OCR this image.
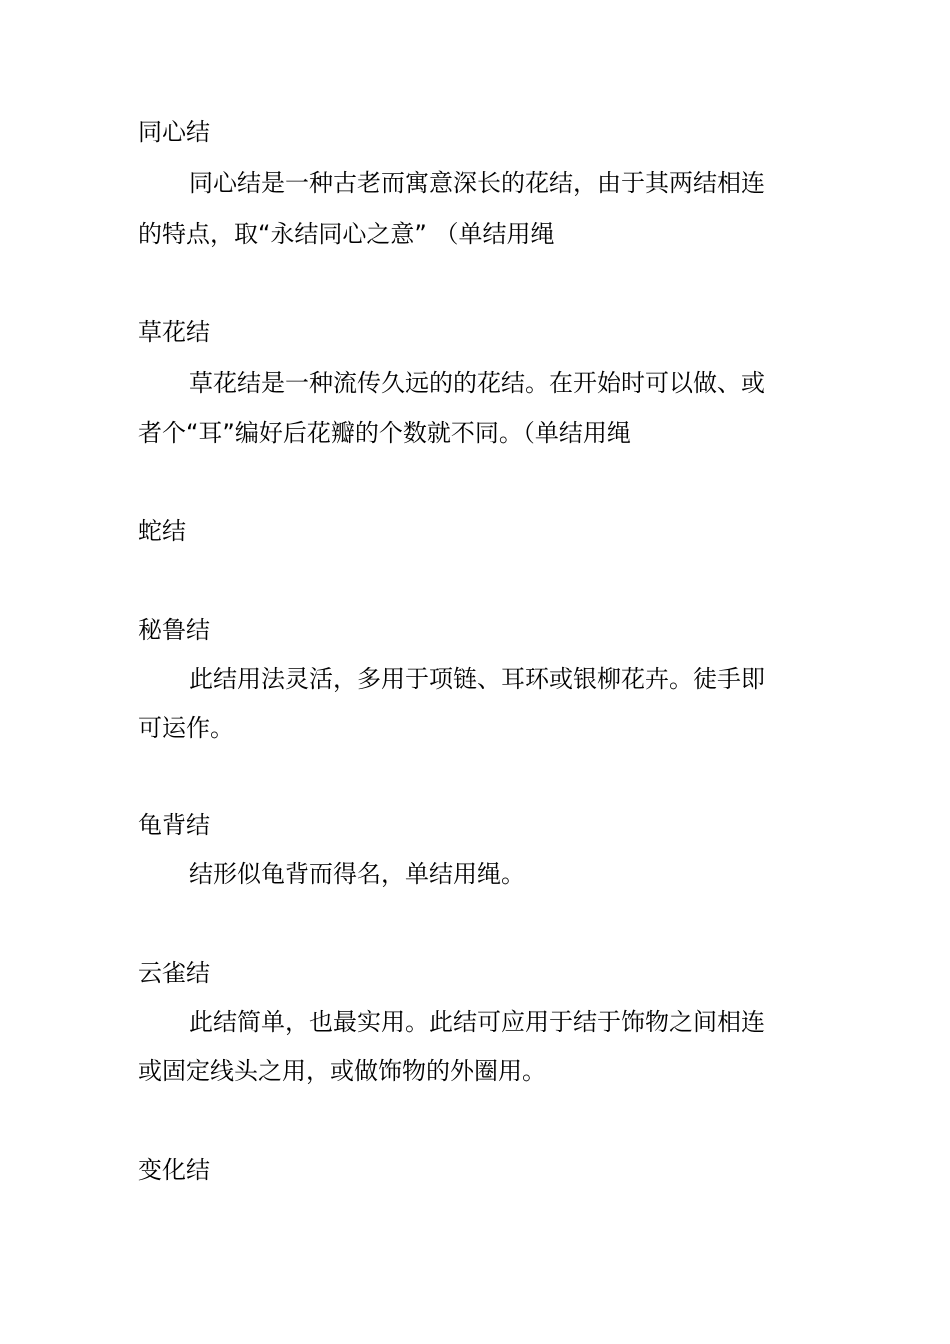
同心结
同心结是一种古老而寓意深长的花结，由于其两结相连
的特点，取“永结同心之意” （单结用绳
草花结
草花结是一种流传久远的的花结。在开始时可以做、或
者个“耳”编好后花瓣的个数就不同。（单结用绳
蛇结
秘鲁结
此结用法灵活，多用于项链、耳环或银柳花卉。徒手即
可运作。
龟背结
结形似龟背而得名，单结用绳。
云雀结
此结简单，也最实用。此结可应用于结于饰物之间相连
或固定线头之用，或做饰物的外圈用。
变化结
